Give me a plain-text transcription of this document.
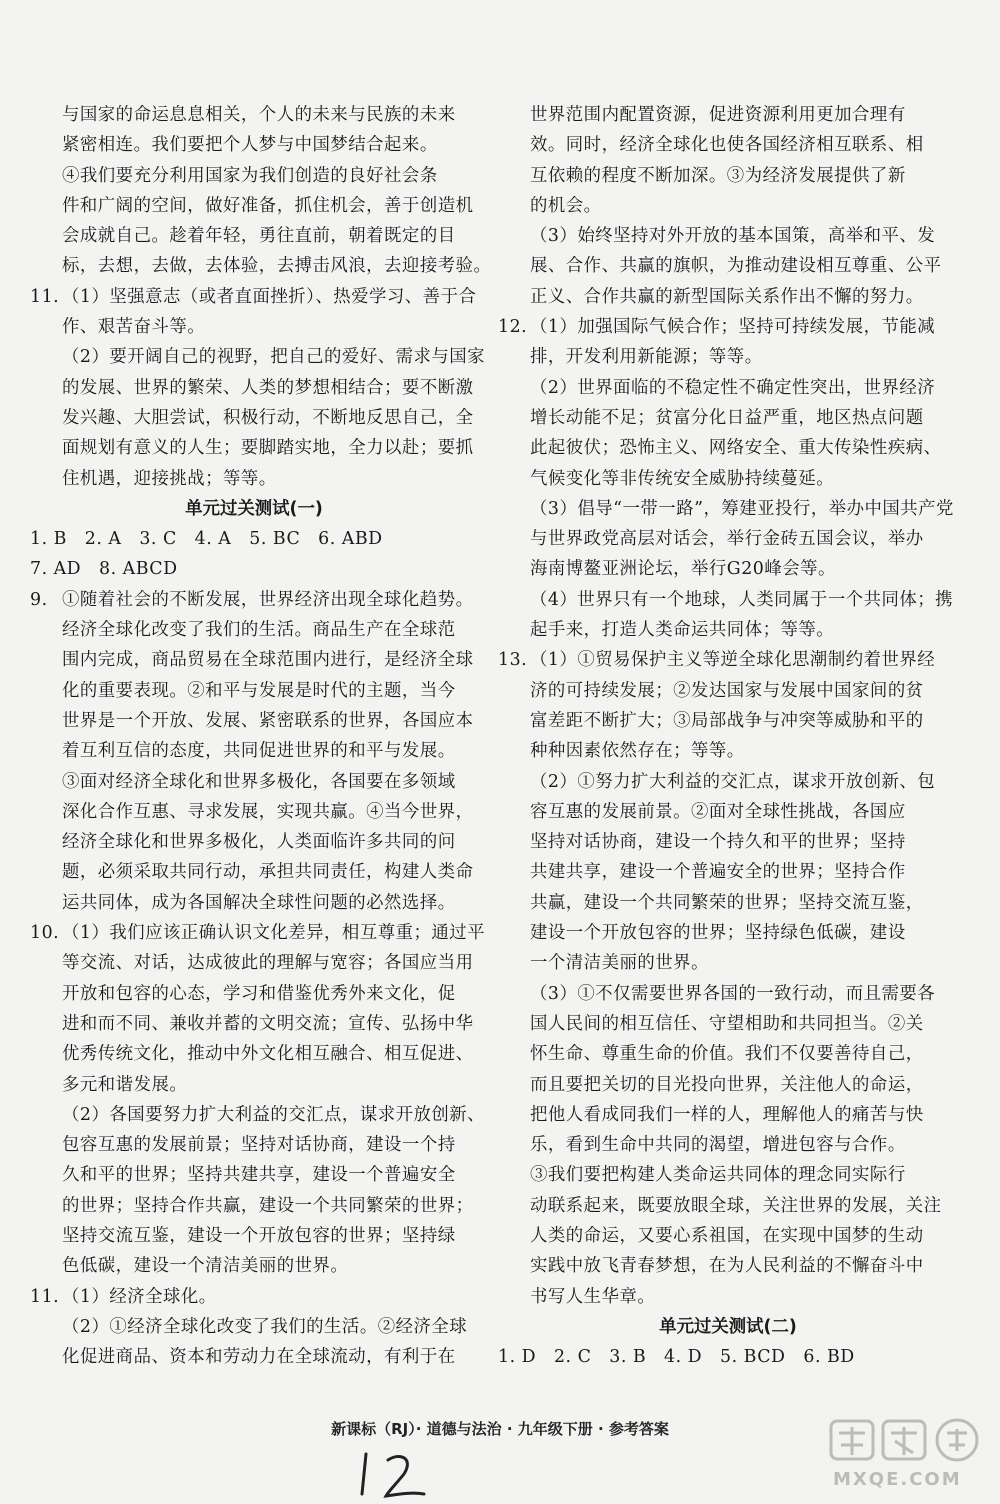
与国家的命运息息相关，个人的未来与民族的未来
紧密相连。我们要把个人梦与中国梦结合起来。
④我们要充分利用国家为我们创造的良好社会条
件和广阔的空间，做好准备，抓住机会，善于创造机
会成就自己。趁着年轻，勇往直前，朝着既定的目
标，去想，去做，去体验，去搏击风浪，去迎接考验。
11. （1）坚强意志（或者直面挫折）、热爱学习、善于合
作、艰苦奋斗等。
（2）要开阔自己的视野，把自己的爱好、需求与国家
的发展、世界的繁荣、人类的梦想相结合；要不断激
发兴趣、大胆尝试，积极行动，不断地反思自己，全
面规划有意义的人生；要脚踏实地，全力以赴；要抓
住机遇，迎接挑战；等等。
单元过关测试(一)
1. B　2. A　3. C　4. A　5. BC　6. ABD
7. AD　8. ABCD
9. ①随着社会的不断发展，世界经济出现全球化趋势。
经济全球化改变了我们的生活。商品生产在全球范
围内完成，商品贸易在全球范围内进行，是经济全球
化的重要表现。②和平与发展是时代的主题，当今
世界是一个开放、发展、紧密联系的世界，各国应本
着互利互信的态度，共同促进世界的和平与发展。
③面对经济全球化和世界多极化，各国要在多领域
深化合作互惠、寻求发展，实现共赢。④当今世界，
经济全球化和世界多极化，人类面临许多共同的问
题，必须采取共同行动，承担共同责任，构建人类命
运共同体，成为各国解决全球性问题的必然选择。
10. （1）我们应该正确认识文化差异，相互尊重；通过平
等交流、对话，达成彼此的理解与宽容；各国应当用
开放和包容的心态，学习和借鉴优秀外来文化，促
进和而不同、兼收并蓄的文明交流；宣传、弘扬中华
优秀传统文化，推动中外文化相互融合、相互促进、
多元和谐发展。
（2）各国要努力扩大利益的交汇点，谋求开放创新、
包容互惠的发展前景；坚持对话协商，建设一个持
久和平的世界；坚持共建共享，建设一个普遍安全
的世界；坚持合作共赢，建设一个共同繁荣的世界；
坚持交流互鉴，建设一个开放包容的世界；坚持绿
色低碳，建设一个清洁美丽的世界。
11. （1）经济全球化。
（2）①经济全球化改变了我们的生活。②经济全球
化促进商品、资本和劳动力在全球流动，有利于在
世界范围内配置资源，促进资源利用更加合理有
效。同时，经济全球化也使各国经济相互联系、相
互依赖的程度不断加深。③为经济发展提供了新
的机会。
（3）始终坚持对外开放的基本国策，高举和平、发
展、合作、共赢的旗帜，为推动建设相互尊重、公平
正义、合作共赢的新型国际关系作出不懈的努力。
12. （1）加强国际气候合作；坚持可持续发展，节能减
排，开发利用新能源；等等。
（2）世界面临的不稳定性不确定性突出，世界经济
增长动能不足；贫富分化日益严重，地区热点问题
此起彼伏；恐怖主义、网络安全、重大传染性疾病、
气候变化等非传统安全威胁持续蔓延。
（3）倡导“一带一路”，筹建亚投行，举办中国共产党
与世界政党高层对话会，举行金砖五国会议，举办
海南博鳌亚洲论坛，举行G20峰会等。
（4）世界只有一个地球，人类同属于一个共同体；携
起手来，打造人类命运共同体；等等。
13. （1）①贸易保护主义等逆全球化思潮制约着世界经
济的可持续发展；②发达国家与发展中国家间的贫
富差距不断扩大；③局部战争与冲突等威胁和平的
种种因素依然存在；等等。
（2）①努力扩大利益的交汇点，谋求开放创新、包
容互惠的发展前景。②面对全球性挑战，各国应
坚持对话协商，建设一个持久和平的世界；坚持
共建共享，建设一个普遍安全的世界；坚持合作
共赢，建设一个共同繁荣的世界；坚持交流互鉴，
建设一个开放包容的世界；坚持绿色低碳，建设
一个清洁美丽的世界。
（3）①不仅需要世界各国的一致行动，而且需要各
国人民间的相互信任、守望相助和共同担当。②关
怀生命、尊重生命的价值。我们不仅要善待自己，
而且要把关切的目光投向世界，关注他人的命运，
把他人看成同我们一样的人，理解他人的痛苦与快
乐，看到生命中共同的渴望，增进包容与合作。
③我们要把构建人类命运共同体的理念同实际行
动联系起来，既要放眼全球，关注世界的发展，关注
人类的命运，又要心系祖国，在实现中国梦的生动
实践中放飞青春梦想，在为人民利益的不懈奋斗中
书写人生华章。
单元过关测试(二)
1. D　2. C　3. B　4. D　5. BCD　6. BD
新课标（RJ）· 道德与法治 · 九年级下册 · 参考答案
MXQE.COM
